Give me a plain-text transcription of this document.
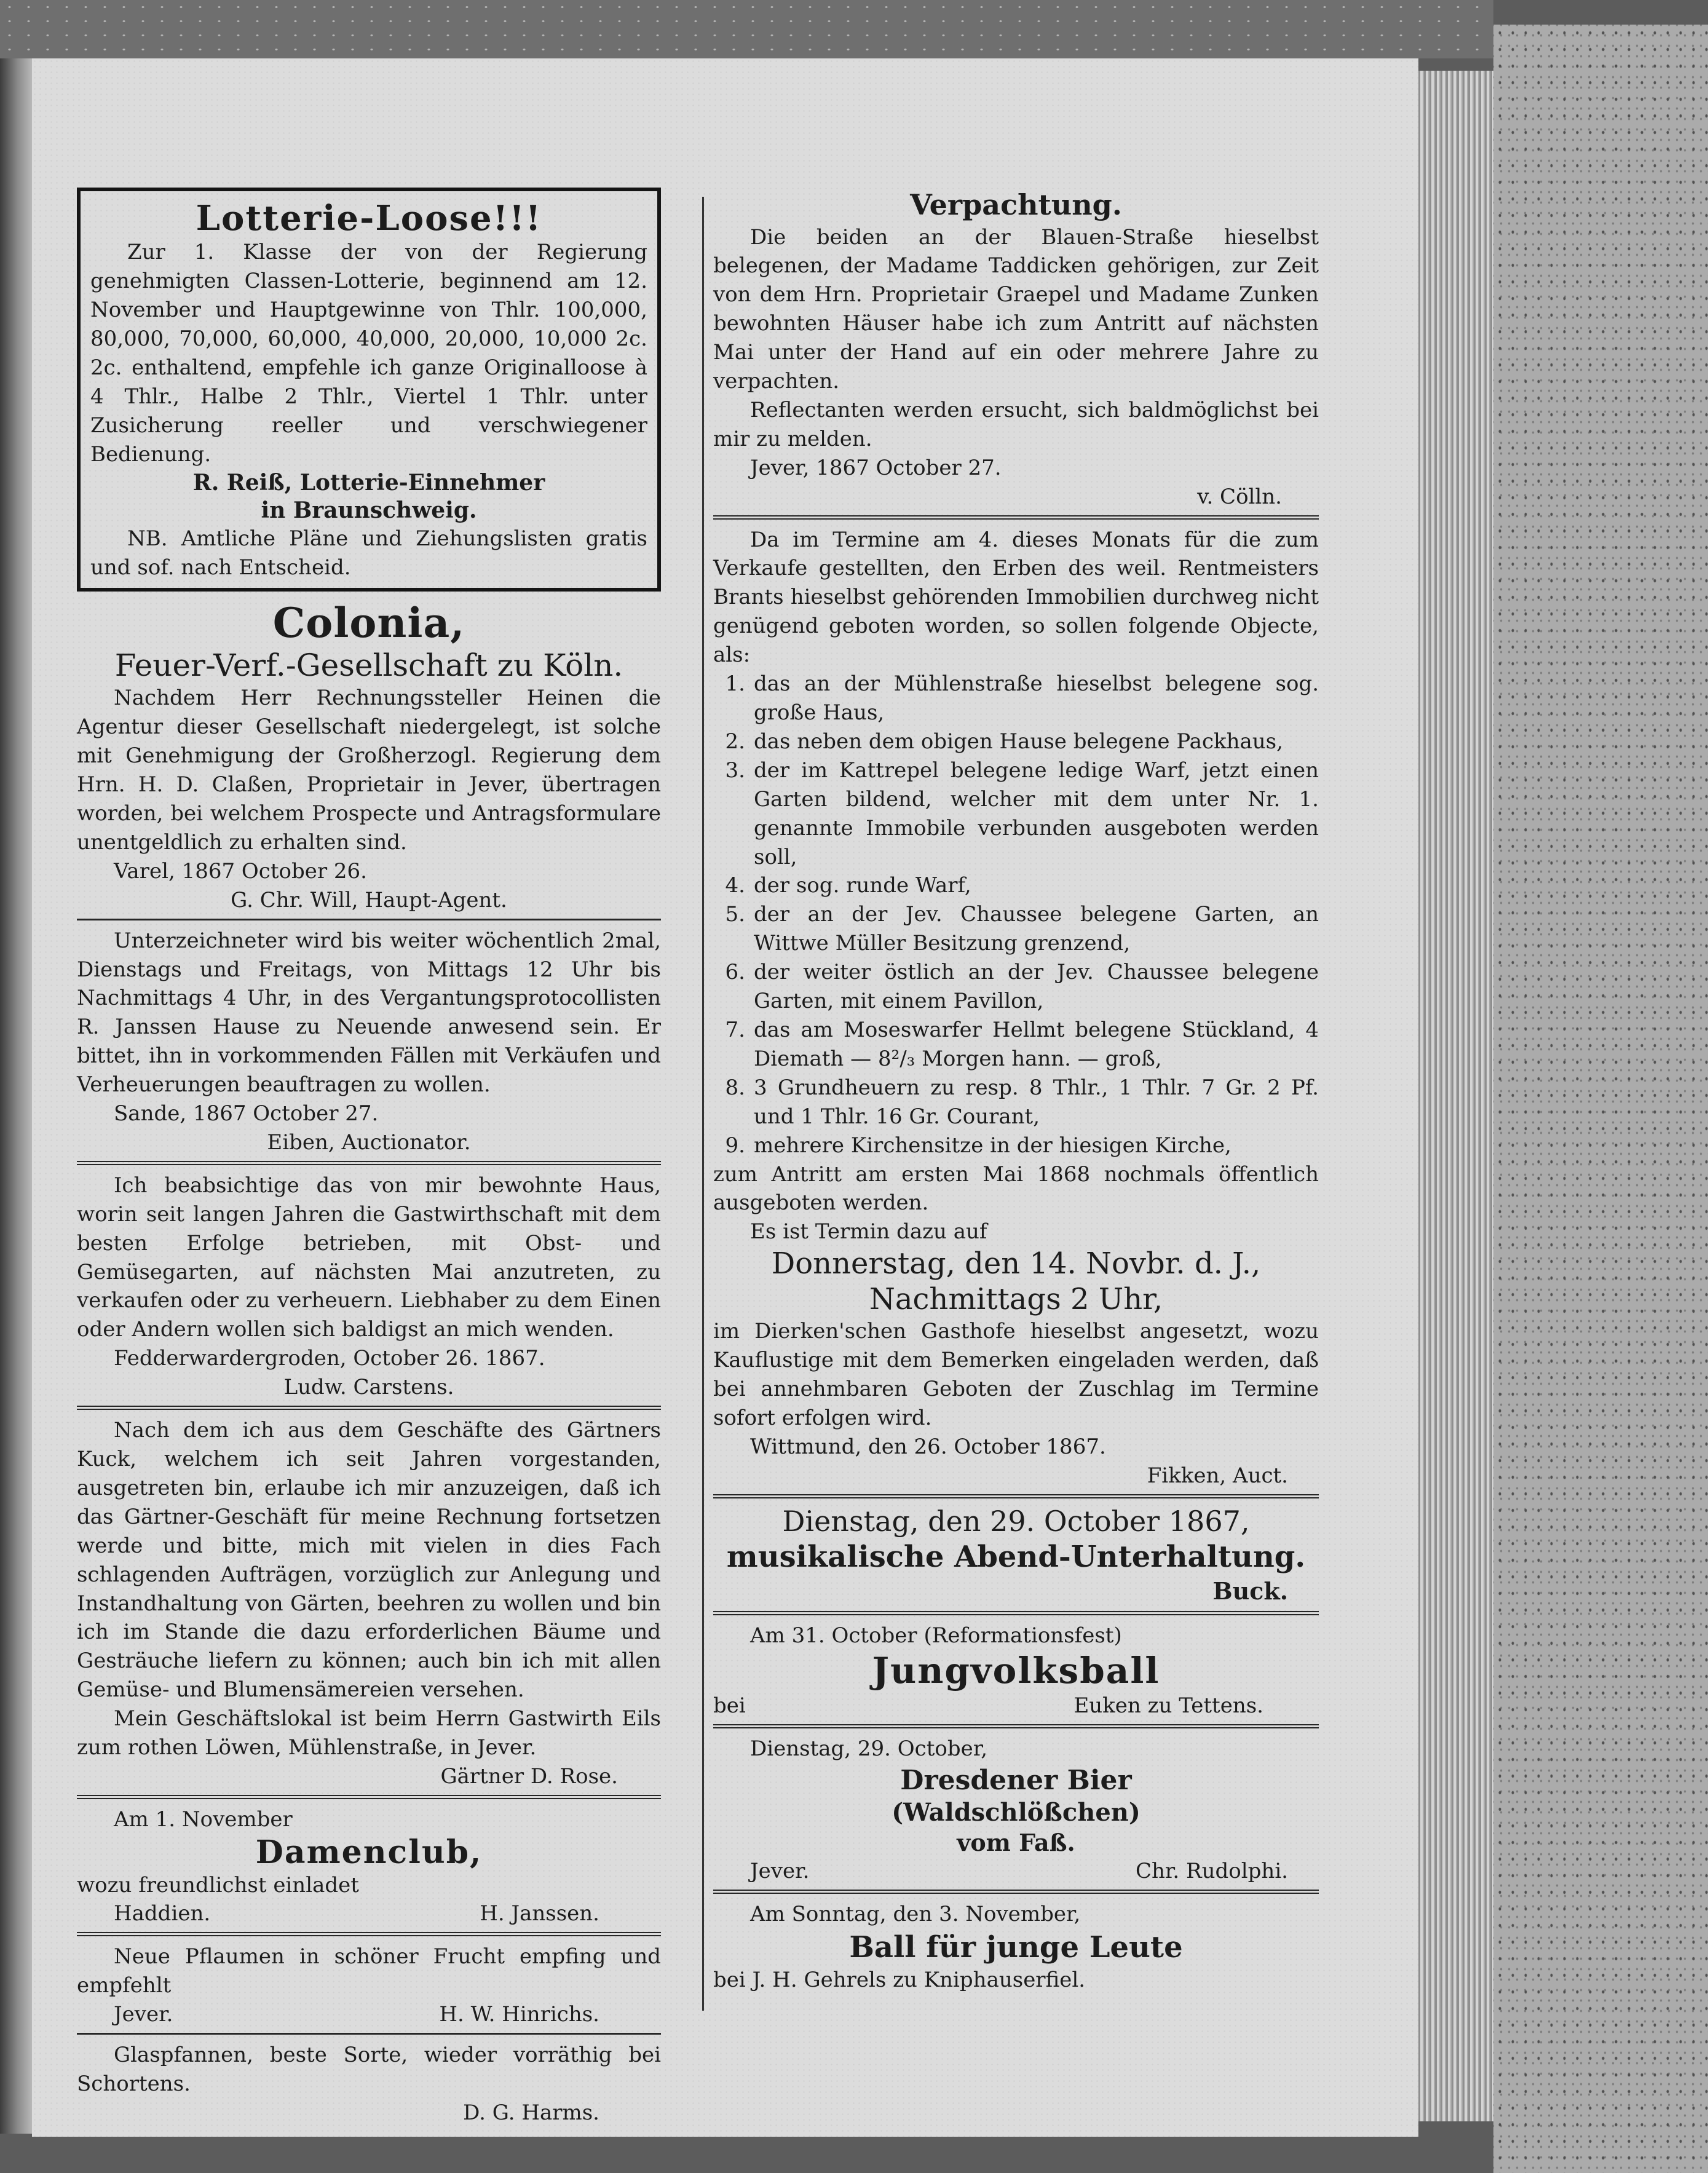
Lotterie-Loose!!!
Zur 1. Klasse der von der Regierung genehmigten Classen-Lotterie, beginnend am 12. November und Hauptgewinne von Thlr. 100,000, 80,000, 70,000, 60,000, 40,000, 20,000, 10,000 2c. 2c. enthaltend, empfehle ich ganze Originalloose à 4 Thlr., Halbe 2 Thlr., Viertel 1 Thlr. unter Zusicherung reeller und verschwiegener Bedienung.
R. Reiß, Lotterie-Einnehmer
in Braunschweig.
NB. Amtliche Pläne und Ziehungslisten gratis und sof. nach Entscheid.
Colonia,
Feuer-Verf.-Gesellschaft zu Köln.
Nachdem Herr Rechnungssteller Heinen die Agentur dieser Gesellschaft niedergelegt, ist solche mit Genehmigung der Großherzogl. Regierung dem Hrn. H. D. Claßen, Proprietair in Jever, übertragen worden, bei welchem Prospecte und Antragsformulare unentgeldlich zu erhalten sind.
Varel, 1867 October 26.
G. Chr. Will, Haupt-Agent.
Unterzeichneter wird bis weiter wöchentlich 2mal, Dienstags und Freitags, von Mittags 12 Uhr bis Nachmittags 4 Uhr, in des Vergantungsprotocollisten R. Janssen Hause zu Neuende anwesend sein. Er bittet, ihn in vorkommenden Fällen mit Verkäufen und Verheuerungen beauftragen zu wollen.
Sande, 1867 October 27.
Eiben, Auctionator.
Ich beabsichtige das von mir bewohnte Haus, worin seit langen Jahren die Gastwirthschaft mit dem besten Erfolge betrieben, mit Obst- und Gemüsegarten, auf nächsten Mai anzutreten, zu verkaufen oder zu verheuern. Liebhaber zu dem Einen oder Andern wollen sich baldigst an mich wenden.
Fedderwardergroden, October 26. 1867.
Ludw. Carstens.
Nach dem ich aus dem Geschäfte des Gärtners Kuck, welchem ich seit Jahren vorgestanden, ausgetreten bin, erlaube ich mir anzuzeigen, daß ich das Gärtner-Geschäft für meine Rechnung fortsetzen werde und bitte, mich mit vielen in dies Fach schlagenden Aufträgen, vorzüglich zur Anlegung und Instandhaltung von Gärten, beehren zu wollen und bin ich im Stande die dazu erforderlichen Bäume und Gesträuche liefern zu können; auch bin ich mit allen Gemüse- und Blumensämereien versehen.
Mein Geschäftslokal ist beim Herrn Gastwirth Eils zum rothen Löwen, Mühlenstraße, in Jever.
Gärtner D. Rose.
Am 1. November
Damenclub,
wozu freundlichst einladet
Haddien.	H. Janssen.
Neue Pflaumen in schöner Frucht empfing und empfehlt
Jever.	H. W. Hinrichs.
Glaspfannen, beste Sorte, wieder vorräthig bei Schortens.
D. G. Harms.
Verpachtung.
Die beiden an der Blauen-Straße hieselbst belegenen, der Madame Taddicken gehörigen, zur Zeit von dem Hrn. Proprietair Graepel und Madame Zunken bewohnten Häuser habe ich zum Antritt auf nächsten Mai unter der Hand auf ein oder mehrere Jahre zu verpachten.
Reflectanten werden ersucht, sich baldmöglichst bei mir zu melden.
Jever, 1867 October 27.
v. Cölln.
Da im Termine am 4. dieses Monats für die zum Verkaufe gestellten, den Erben des weil. Rentmeisters Brants hieselbst gehörenden Immobilien durchweg nicht genügend geboten worden, so sollen folgende Objecte, als:
1. das an der Mühlenstraße hieselbst belegene sog. große Haus,
2. das neben dem obigen Hause belegene Packhaus,
3. der im Kattrepel belegene ledige Warf, jetzt einen Garten bildend, welcher mit dem unter Nr. 1. genannte Immobile verbunden ausgeboten werden soll,
4. der sog. runde Warf,
5. der an der Jev. Chaussee belegene Garten, an Wittwe Müller Besitzung grenzend,
6. der weiter östlich an der Jev. Chaussee belegene Garten, mit einem Pavillon,
7. das am Moseswarfer Hellmt belegene Stückland, 4 Diemath — 8²/₃ Morgen hann. — groß,
8. 3 Grundheuern zu resp. 8 Thlr., 1 Thlr. 7 Gr. 2 Pf. und 1 Thlr. 16 Gr. Courant,
9. mehrere Kirchensitze in der hiesigen Kirche,
zum Antritt am ersten Mai 1868 nochmals öffentlich ausgeboten werden.
Es ist Termin dazu auf
Donnerstag, den 14. Novbr. d. J.,
Nachmittags 2 Uhr,
im Dierken'schen Gasthofe hieselbst angesetzt, wozu Kauflustige mit dem Bemerken eingeladen werden, daß bei annehmbaren Geboten der Zuschlag im Termine sofort erfolgen wird.
Wittmund, den 26. October 1867.
Fikken, Auct.
Dienstag, den 29. October 1867,
musikalische Abend-Unterhaltung.
Buck.
Am 31. October (Reformationsfest)
Jungvolksball
bei	Euken zu Tettens.
Dienstag, 29. October,
Dresdener Bier
(Waldschlößchen)
vom Faß.
Jever.	Chr. Rudolphi.
Am Sonntag, den 3. November,
Ball für junge Leute
bei J. H. Gehrels zu Kniphauserfiel.
